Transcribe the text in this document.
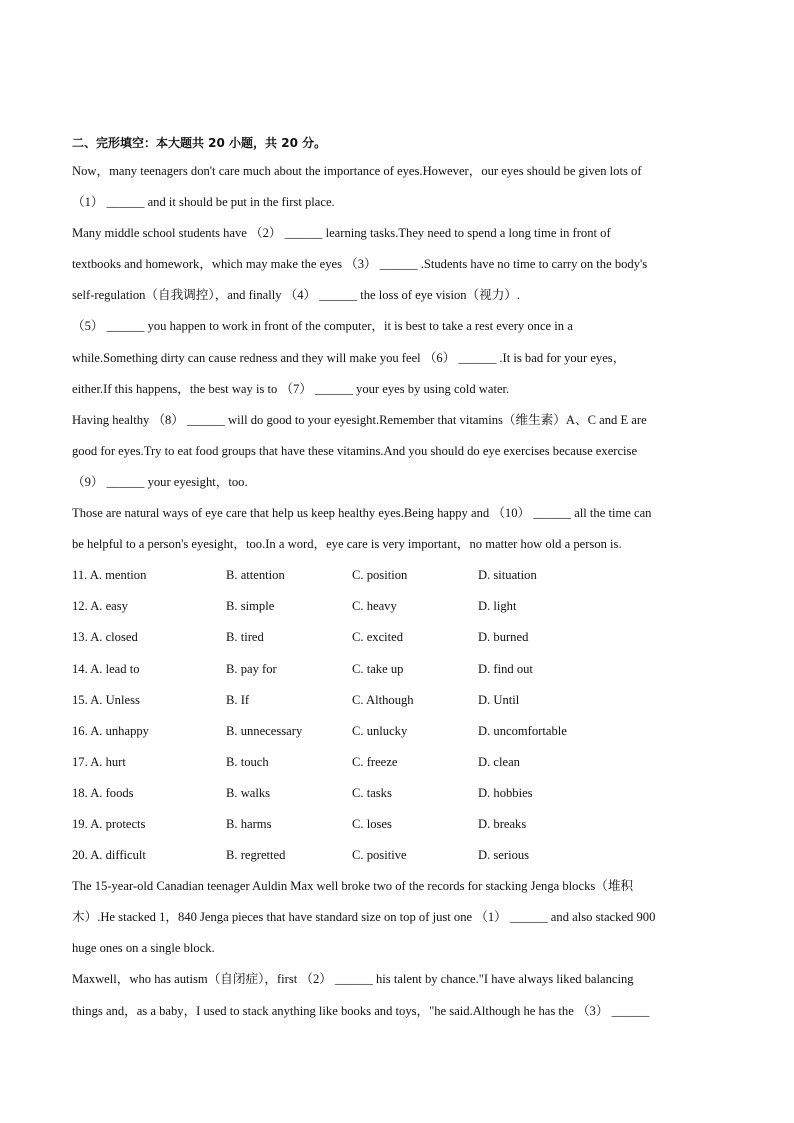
二、完形填空：本大题共 20 小题，共 20 分。
Now，many teenagers don't care much about the importance of eyes.However，our eyes should be given lots of
（1） ______ and it should be put in the first place.
Many middle school students have （2） ______ learning tasks.They need to spend a long time in front of
textbooks and homework，which may make the eyes （3） ______ .Students have no time to carry on the body's
self-regulation（自我调控），and finally （4） ______ the loss of eye vision（视力）.
（5） ______ you happen to work in front of the computer，it is best to take a rest every once in a
while.Something dirty can cause redness and they will make you feel （6） ______ .It is bad for your eyes，
either.If this happens，the best way is to （7） ______ your eyes by using cold water.
Having healthy （8） ______ will do good to your eyesight.Remember that vitamins（维生素）A、C and E are
good for eyes.Try to eat food groups that have these vitamins.And you should do eye exercises because exercise
（9） ______ your eyesight，too.
Those are natural ways of eye care that help us keep healthy eyes.Being happy and （10） ______ all the time can
be helpful to a person's eyesight，too.In a word，eye care is very important，no matter how old a person is.
11. A. mention	B. attention	C. position	D. situation
12. A. easy	B. simple	C. heavy	D. light
13. A. closed	B. tired	C. excited	D. burned
14. A. lead to	B. pay for	C. take up	D. find out
15. A. Unless	B. If	C. Although	D. Until
16. A. unhappy	B. unnecessary	C. unlucky	D. uncomfortable
17. A. hurt	B. touch	C. freeze	D. clean
18. A. foods	B. walks	C. tasks	D. hobbies
19. A. protects	B. harms	C. loses	D. breaks
20. A. difficult	B. regretted	C. positive	D. serious
The 15-year-old Canadian teenager Auldin Max well broke two of the records for stacking Jenga blocks（堆积
木）.He stacked 1，840 Jenga pieces that have standard size on top of just one （1） ______ and also stacked 900
huge ones on a single block.
Maxwell，who has autism（自闭症），first （2） ______ his talent by chance."I have always liked balancing
things and，as a baby，I used to stack anything like books and toys，"he said.Although he has the （3） ______
